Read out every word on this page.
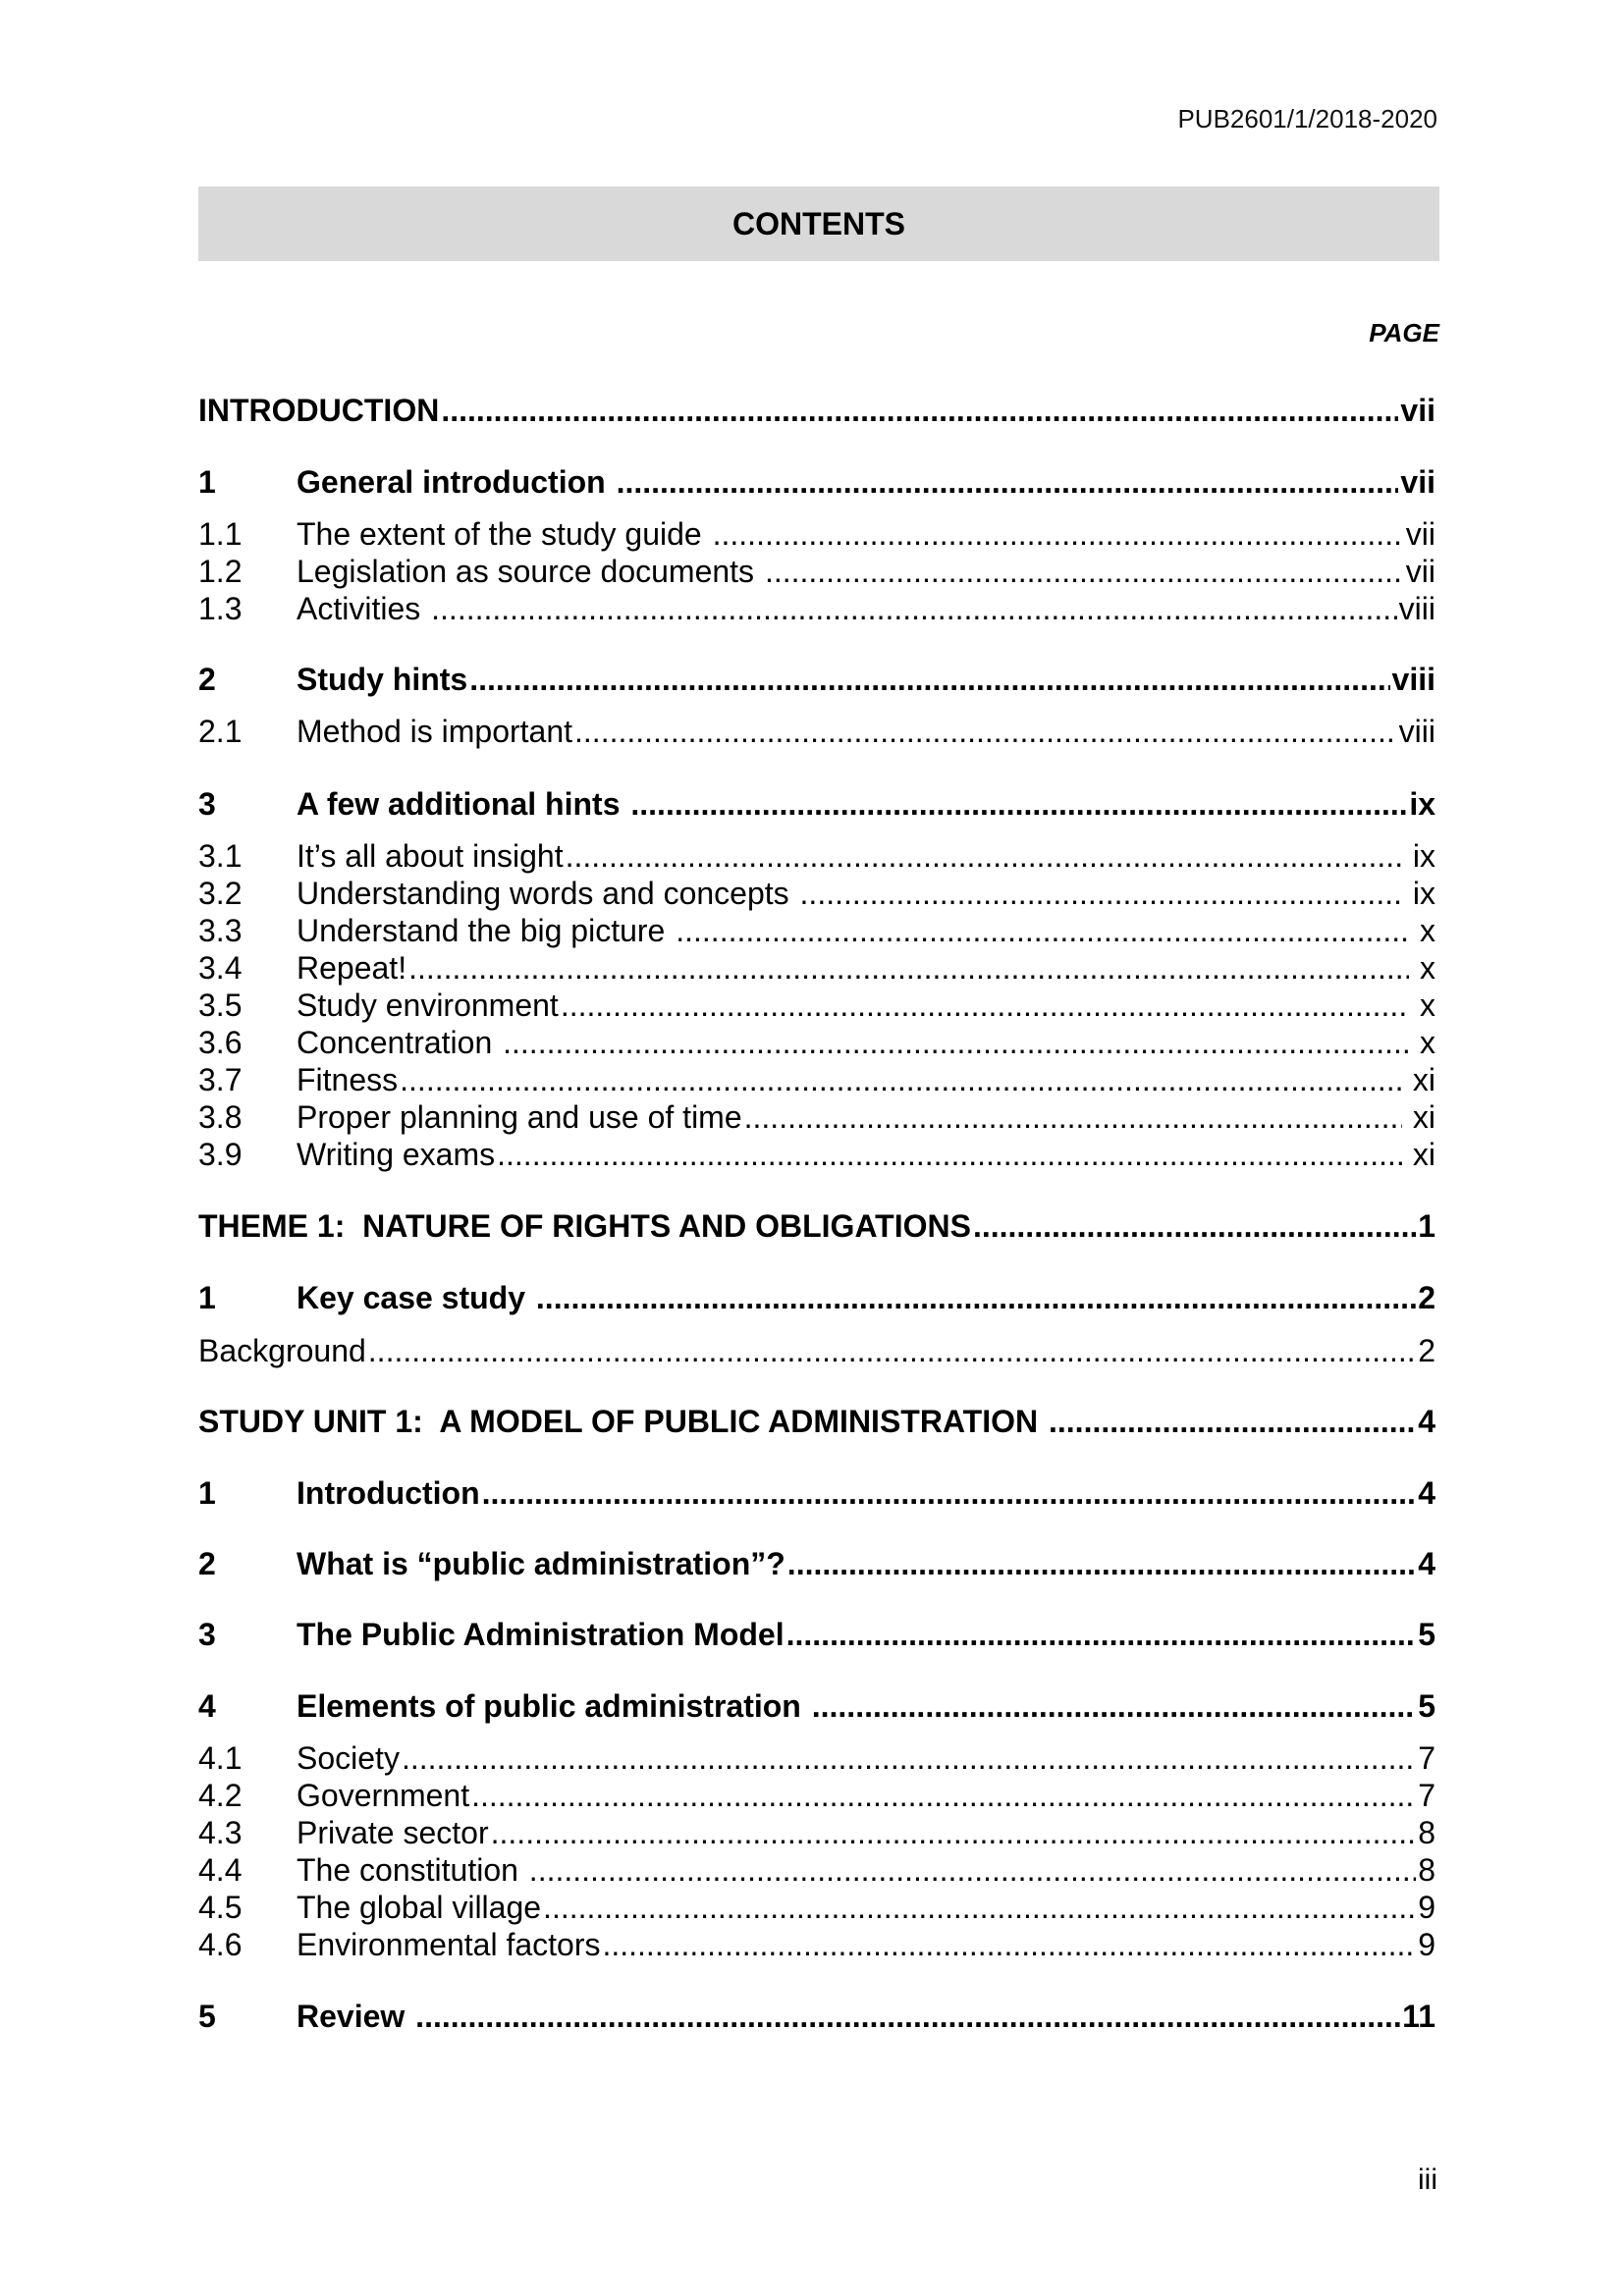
PUB2601/1/2018-2020
CONTENTS
PAGE
INTRODUCTION .....	vii
1	General introduction .....	vii
1.1	The extent of the study guide .....	vii
1.2	Legislation as source documents .....	vii
1.3	Activities .....	viii
2	Study hints .....	viii
2.1	Method is important .....	viii
3	A few additional hints .....	ix
3.1	It’s all about insight .....	ix
3.2	Understanding words and concepts .....	ix
3.3	Understand the big picture .....	x
3.4	Repeat! .....	x
3.5	Study environment .....	x
3.6	Concentration .....	x
3.7	Fitness .....	xi
3.8	Proper planning and use of time .....	xi
3.9	Writing exams .....	xi
THEME 1:  NATURE OF RIGHTS AND OBLIGATIONS .....	1
1	Key case study .....	2
Background .....	2
STUDY UNIT 1:  A MODEL OF PUBLIC ADMINISTRATION .....	4
1	Introduction .....	4
2	What is “public administration”? .....	4
3	The Public Administration Model .....	5
4	Elements of public administration .....	5
4.1	Society .....	7
4.2	Government .....	7
4.3	Private sector .....	8
4.4	The constitution .....	8
4.5	The global village .....	9
4.6	Environmental factors .....	9
5	Review .....	11
iii
